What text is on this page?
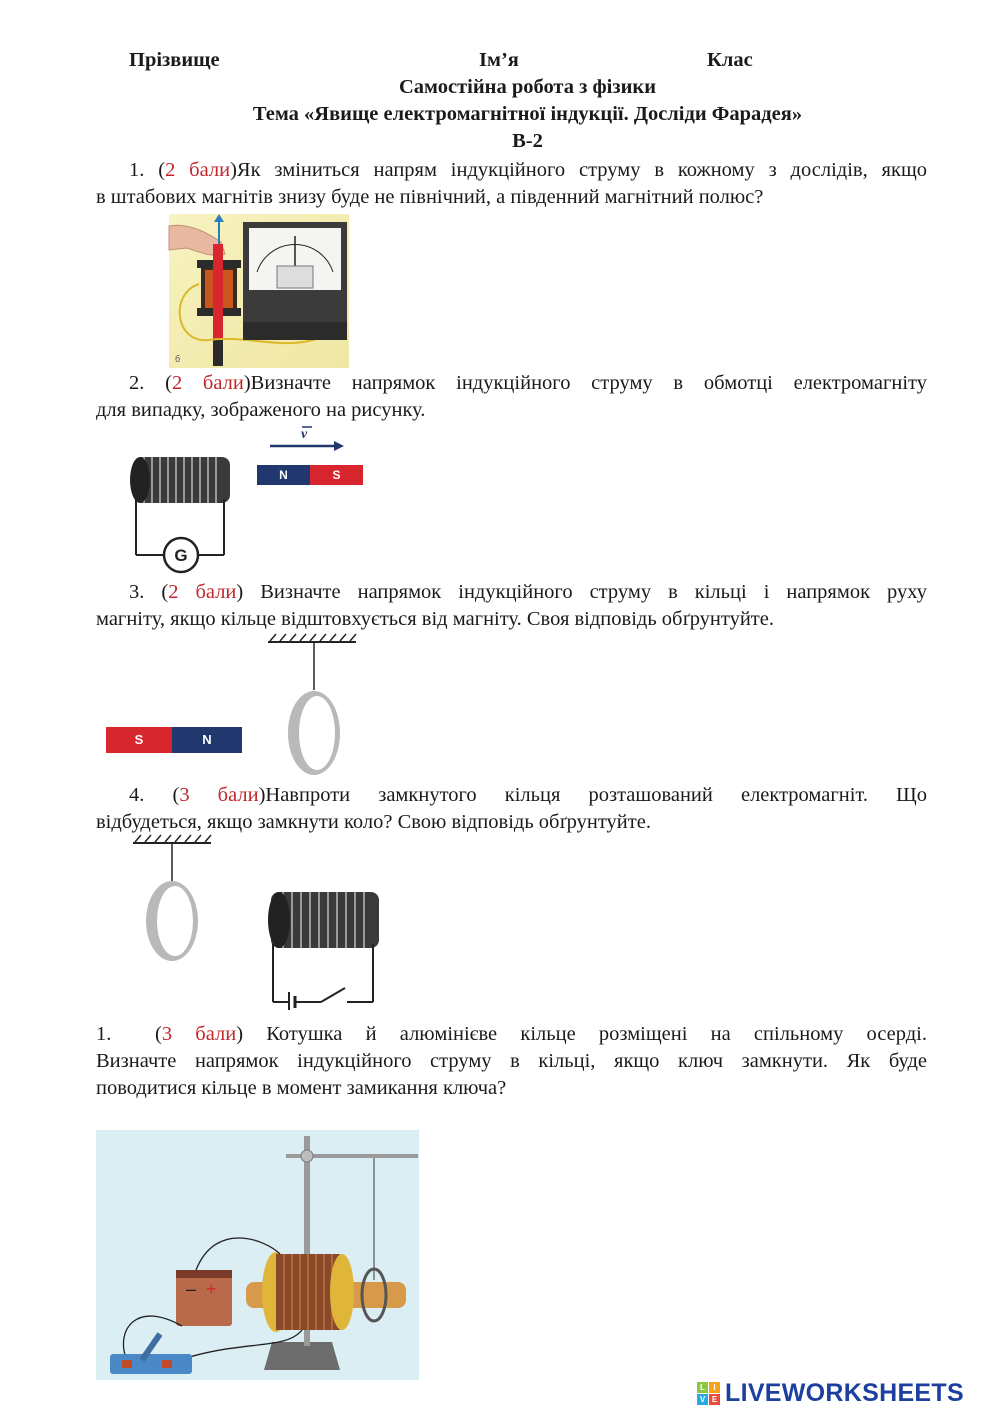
Прізвище	Ім’я	Клас
Самостійна робота з фізики
Тема «Явище електромагнітної індукції. Досліди Фарадея»
В-2
1. (2 бали)Як зміниться напрям індукційного струму в кожному з дослідів, якщо
в штабових магнітів знизу буде не північний, а південний магнітний полюс?
б
2. (2 бали)Визначте напрямок індукційного струму в обмотці електромагніту
для випадку, зображеного на рисунку.
v
G
N	S
3. (2 бали) Визначте напрямок індукційного струму в кільці і напрямок руху
магніту, якщо кільце відштовхується від магніту. Своя відповідь обґрунтуйте.
S	N
4. (3 бали)Навпроти замкнутого кільця розташований електромагніт. Що
відбудеться, якщо замкнути коло? Свою відповідь обґрунтуйте.
1. (3 бали) Котушка й алюмінієве кільце розміщені на спільному осерді.
Визначте напрямок індукційного струму в кільці, якщо ключ замкнути. Як буде
поводитися кільце в момент замикання ключа?
– +
L	I
V E LIVEWORKSHEETS
